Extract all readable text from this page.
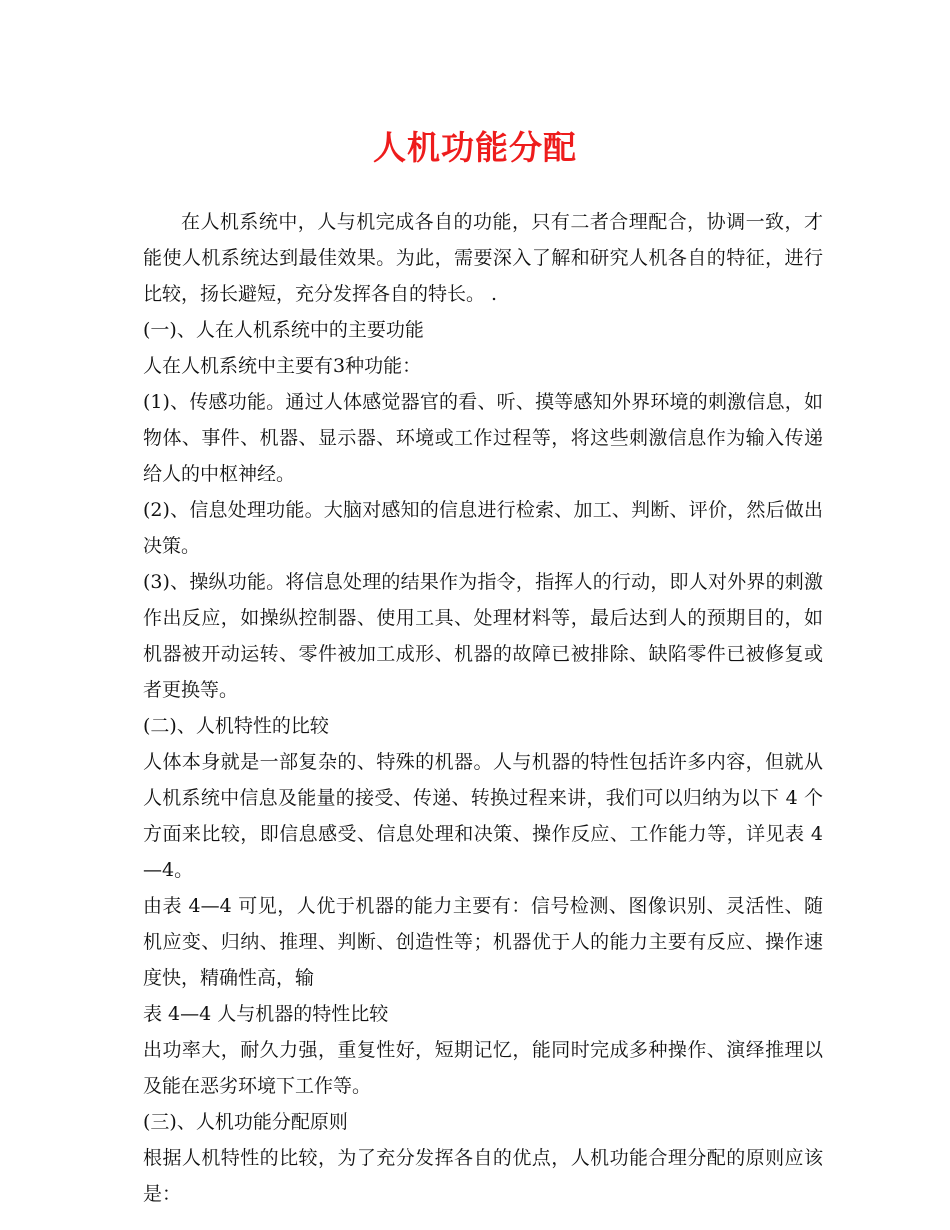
人机功能分配

在人机系统中，人与机完成各自的功能，只有二者合理配合，协调一致，才能使人机系统达到最佳效果。为此，需要深入了解和研究人机各自的特征，进行比较，扬长避短，充分发挥各自的特长。 .

(一)、人在人机系统中的主要功能

人在人机系统中主要有3种功能：

(1)、传感功能。通过人体感觉器官的看、听、摸等感知外界环境的刺激信息，如物体、事件、机器、显示器、环境或工作过程等，将这些刺激信息作为输入传递给人的中枢神经。

(2)、信息处理功能。大脑对感知的信息进行检索、加工、判断、评价，然后做出决策。

(3)、操纵功能。将信息处理的结果作为指令，指挥人的行动，即人对外界的刺激作出反应，如操纵控制器、使用工具、处理材料等，最后达到人的预期目的，如机器被开动运转、零件被加工成形、机器的故障已被排除、缺陷零件已被修复或者更换等。

(二)、人机特性的比较

人体本身就是一部复杂的、特殊的机器。人与机器的特性包括许多内容，但就从人机系统中信息及能量的接受、传递、转换过程来讲，我们可以归纳为以下 4 个方面来比较，即信息感受、信息处理和决策、操作反应、工作能力等，详见表 4—4。

由表 4—4 可见，人优于机器的能力主要有：信号检测、图像识别、灵活性、随机应变、归纳、推理、判断、创造性等；机器优于人的能力主要有反应、操作速度快，精确性高，输

表 4—4 人与机器的特性比较

出功率大，耐久力强，重复性好，短期记忆，能同时完成多种操作、演绎推理以及能在恶劣环境下工作等。

(三)、人机功能分配原则

根据人机特性的比较，为了充分发挥各自的优点，人机功能合理分配的原则应该是：
